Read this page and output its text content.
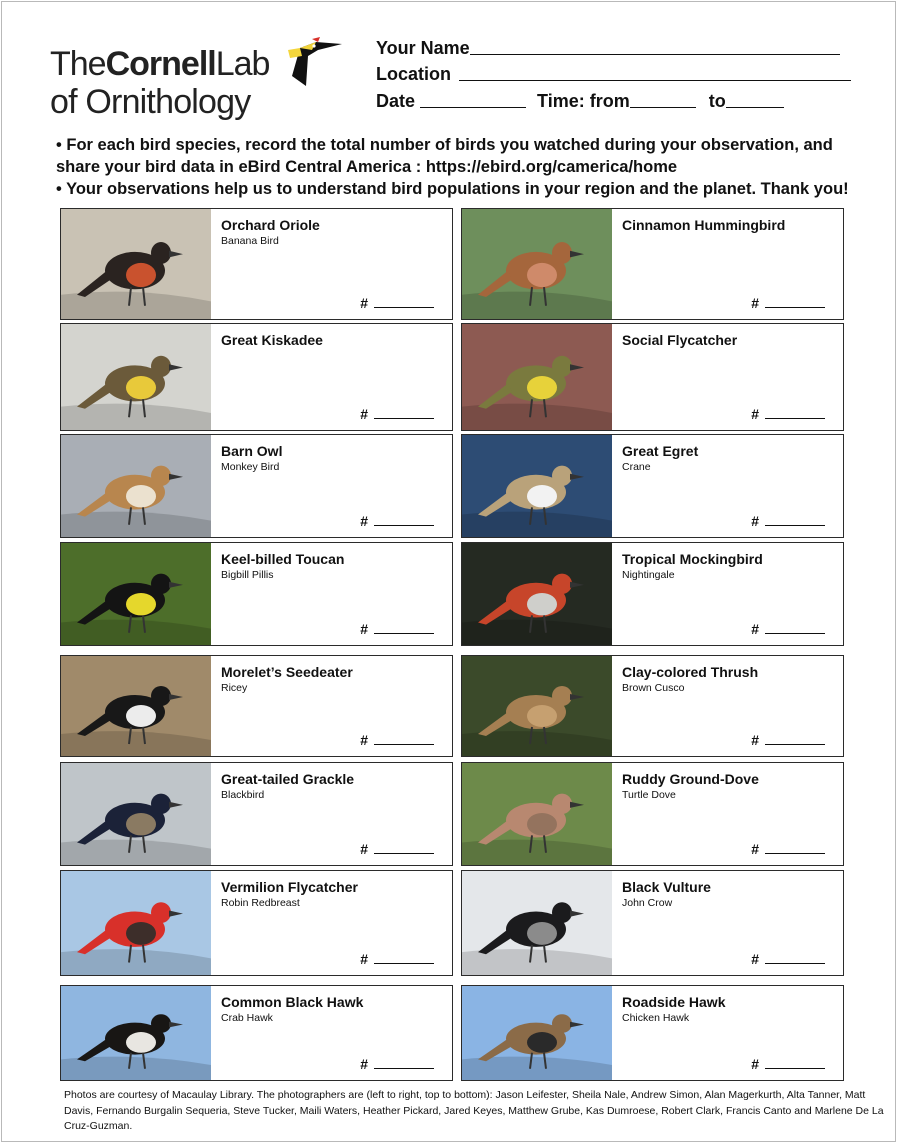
TheCornellLab
of Ornithology
Your Name
Location
Date	Time: from	to

• For each bird species, record the total number of birds you watched during your observation, and share your bird data in eBird Central America : https://ebird.org/camerica/home

• Your observations help us to understand bird populations in your region and the planet. Thank you!

Orchard Oriole
Banana Bird
#
Cinnamon Hummingbird
#
Great Kiskadee
#
Social Flycatcher
#
Barn Owl
Monkey Bird
#
Great Egret
Crane
#
Keel-billed Toucan
Bigbill Pillis
#
Tropical Mockingbird
Nightingale
#
Morelet’s Seedeater
Ricey
#
Clay-colored Thrush
Brown Cusco
#
Great-tailed Grackle
Blackbird
#
Ruddy Ground-Dove
Turtle Dove
#
Vermilion Flycatcher
Robin Redbreast
#
Black Vulture
John Crow
#
Common Black Hawk
Crab Hawk
#
Roadside Hawk
Chicken Hawk
#
Photos are courtesy of Macaulay Library. The photographers are (left to right, top to bottom): Jason Leifester, Sheila Nale, Andrew Simon, Alan Magerkurth, Alta Tanner, Matt Davis, Fernando Burgalin Sequeria, Steve Tucker, Maili Waters, Heather Pickard, Jared Keyes, Matthew Grube, Kas Dumroese, Robert Clark, Francis Canto and Marlene De La Cruz-Guzman.
